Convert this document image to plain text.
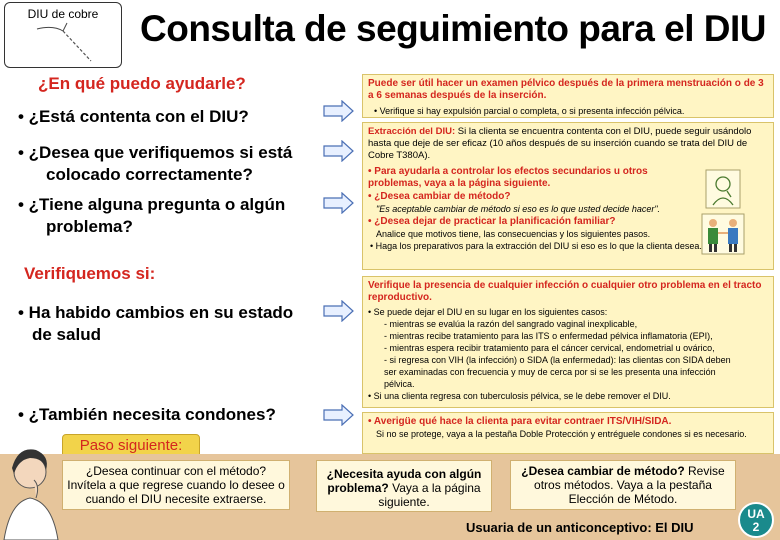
DIU de cobre	Consulta de seguimiento para el DIU
¿En qué puedo ayudarle?
• ¿Está contenta con el DIU?
• ¿Desea que verifiquemos si está
colocado correctamente?
• ¿Tiene alguna pregunta o algún
problema?
Verifiquemos si:
• Ha habido cambios en su estado
de salud
• ¿También necesita condones?
Paso siguiente:
Puede ser útil hacer un examen pélvico después de la primera menstruación o de 3 a 6 semanas después de la inserción.
• Verifique si hay expulsión parcial o completa, o si presenta infección pélvica.
Extracción del DIU: Si la clienta se encuentra contenta con el DIU, puede seguir usándolo hasta que deje de ser eficaz (10 años después de su inserción cuando se trata del DIU de Cobre T380A).
• Para ayudarla a controlar los efectos secundarios u otros problemas, vaya a la página siguiente.
• ¿Desea cambiar de método?
"Es aceptable cambiar de método si eso es lo que usted decide hacer".
• ¿Desea dejar de practicar la planificación familiar?
Analice que motivos tiene, las consecuencias y los siguientes pasos.
• Haga los preparativos para la extracción del DIU si eso es lo que la clienta desea.
Verifique la presencia de cualquier infección o cualquier otro problema en el tracto reproductivo.
• Se puede dejar el DIU en su lugar en los siguientes casos:
- mientras se evalúa la razón del sangrado vaginal inexplicable,
- mientras recibe tratamiento para las ITS o enfermedad pélvica inflamatoria (EPI),
- mientras espera recibir tratamiento para el cáncer cervical, endometrial u ovárico,
- si regresa con VIH (la infección) o SIDA (la enfermedad): las clientas con SIDA deben ser examinadas con frecuencia y muy de cerca por si se les presenta una infección pélvica.
• Si una clienta regresa con tuberculosis pélvica, se le debe remover el DIU.
• Averigüe qué hace la clienta para evitar contraer ITS/VIH/SIDA.
Si no se protege, vaya a la pestaña Doble Protección y entréguele condones si es necesario.
¿Desea continuar con el método?
Invítela a que regrese cuando lo desee o cuando el DIU necesite extraerse.
¿Necesita ayuda con algún problema? Vaya a la página siguiente.
¿Desea cambiar de método? Revise otros métodos. Vaya a la pestaña Elección de Método.
Usuaria de un anticonceptivo: El DIU
UA
2
